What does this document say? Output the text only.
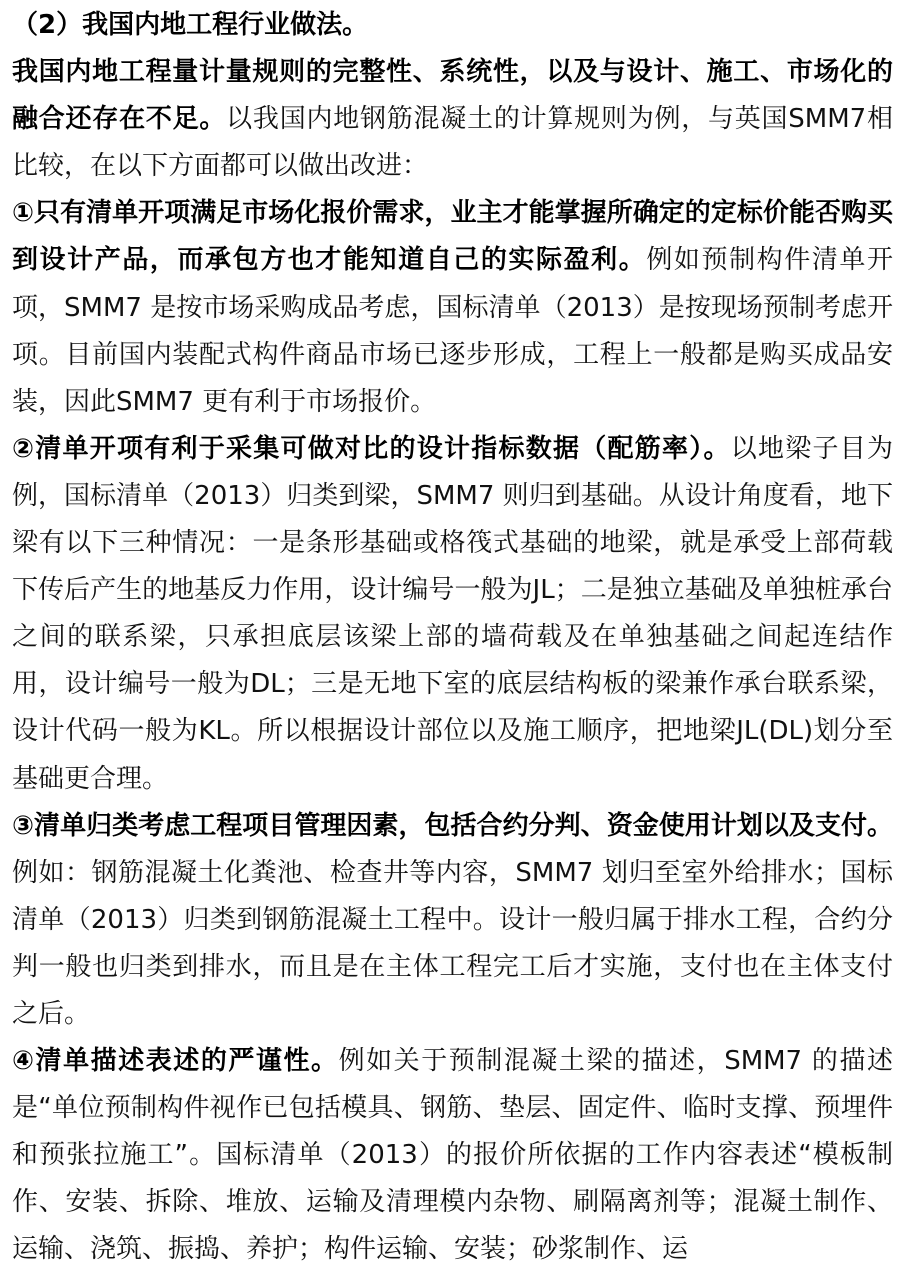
（2）我国内地工程行业做法。

我国内地工程量计量规则的完整性、系统性，以及与设计、施工、市场化的融合还存在不足。以我国内地钢筋混凝土的计算规则为例，与英国SMM7相比较，在以下方面都可以做出改进：

①只有清单开项满足市场化报价需求，业主才能掌握所确定的定标价能否购买到设计产品，而承包方也才能知道自己的实际盈利。例如预制构件清单开项，SMM7 是按市场采购成品考虑，国标清单（2013）是按现场预制考虑开项。目前国内装配式构件商品市场已逐步形成，工程上一般都是购买成品安装，因此SMM7 更有利于市场报价。

②清单开项有利于采集可做对比的设计指标数据（配筋率）。以地梁子目为例，国标清单（2013）归类到梁，SMM7 则归到基础。从设计角度看，地下梁有以下三种情况：一是条形基础或格筏式基础的地梁，就是承受上部荷载下传后产生的地基反力作用，设计编号一般为JL；二是独立基础及单独桩承台之间的联系梁，只承担底层该梁上部的墙荷载及在单独基础之间起连结作用，设计编号一般为DL；三是无地下室的底层结构板的梁兼作承台联系梁，设计代码一般为KL。所以根据设计部位以及施工顺序，把地梁JL(DL)划分至基础更合理。

③清单归类考虑工程项目管理因素，包括合约分判、资金使用计划以及支付。例如：钢筋混凝土化粪池、检查井等内容，SMM7 划归至室外给排水；国标清单（2013）归类到钢筋混凝土工程中。设计一般归属于排水工程，合约分判一般也归类到排水，而且是在主体工程完工后才实施，支付也在主体支付之后。

④清单描述表述的严谨性。例如关于预制混凝土梁的描述，SMM7 的描述是“单位预制构件视作已包括模具、钢筋、垫层、固定件、临时支撑、预埋件和预张拉施工”。国标清单（2013）的报价所依据的工作内容表述“模板制作、安装、拆除、堆放、运输及清理模内杂物、刷隔离剂等；混凝土制作、运输、浇筑、振捣、养护；构件运输、安装；砂浆制作、运
